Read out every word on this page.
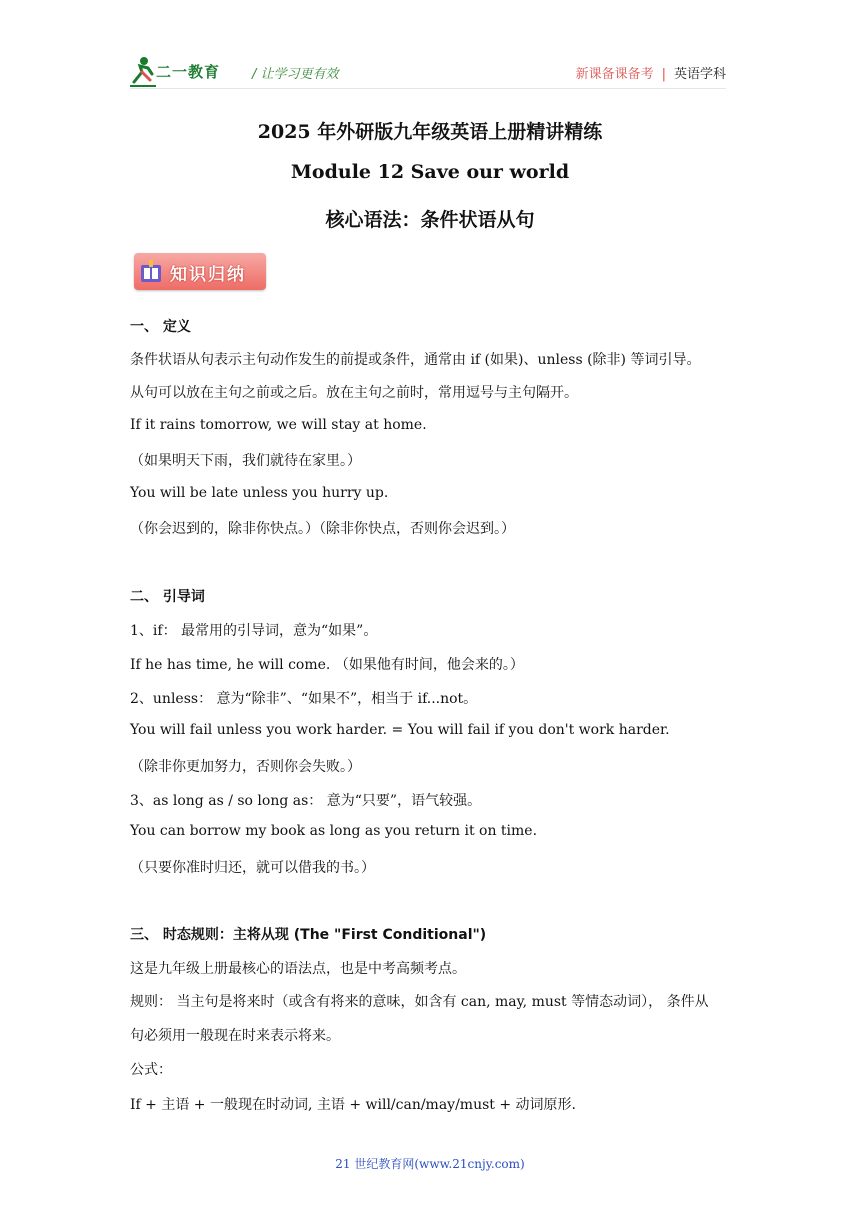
二一教育 / 让学习更有效	新课备课备考 | 英语学科
2025 年外研版九年级英语上册精讲精练
Module 12 Save our world
核心语法：条件状语从句
知识归纳
一、 定义
条件状语从句表示主句动作发生的前提或条件，通常由 if (如果)、unless (除非) 等词引导。
从句可以放在主句之前或之后。放在主句之前时，常用逗号与主句隔开。
If it rains tomorrow, we will stay at home.
（如果明天下雨，我们就待在家里。）
You will be late unless you hurry up.
（你会迟到的，除非你快点。）（除非你快点，否则你会迟到。）
二、 引导词
1、if： 最常用的引导词，意为“如果”。
If he has time, he will come. （如果他有时间，他会来的。）
2、unless： 意为“除非”、“如果不”，相当于 if...not。
You will fail unless you work harder. = You will fail if you don't work harder.
（除非你更加努力，否则你会失败。）
3、as long as / so long as： 意为“只要”，语气较强。
You can borrow my book as long as you return it on time.
（只要你准时归还，就可以借我的书。）
三、 时态规则：主将从现 (The "First Conditional")
这是九年级上册最核心的语法点，也是中考高频考点。
规则： 当主句是将来时（或含有将来的意味，如含有 can, may, must 等情态动词）， 条件从
句必须用一般现在时来表示将来。
公式：
If + 主语 + 一般现在时动词, 主语 + will/can/may/must + 动词原形.
21 世纪教育网(www.21cnjy.com)
